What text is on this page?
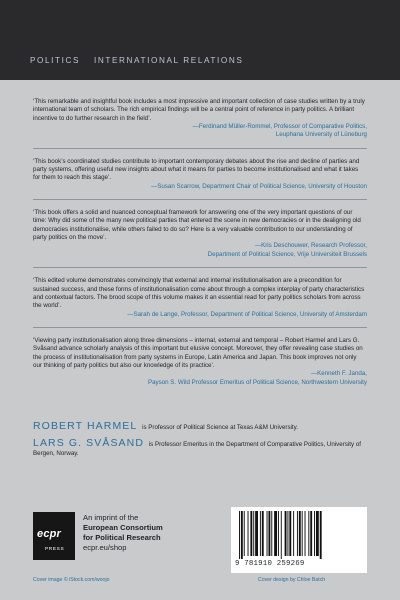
POLITICS INTERNATIONAL RELATIONS
‘This remarkable and insightful book includes a most impressive and important collection of case studies written by a truly international team of scholars. The rich empirical findings will be a central point of reference in party politics. A brilliant incentive to do further research in the field’.
—Ferdinand Müller-Rommel, Professor of Comparative Politics,
Leuphana University of Lüneburg
‘This book’s coordinated studies contribute to important contemporary debates about the rise and decline of parties and party systems, offering useful new insights about what it means for parties to become institutionalised and what it takes for them to reach this stage’.
—Susan Scarrow, Department Chair of Political Science, University of Houston
‘This book offers a solid and nuanced conceptual framework for answering one of the very important questions of our time: Why did some of the many new political parties that entered the scene in new democracies or in the dealigning old democracies institutionalise, while others failed to do so? Here is a very valuable contribution to our understanding of party politics on the move’.
—Kris Deschouwer, Research Professor,
Department of Political Science, Vrije Universiteit Brussels
‘This edited volume demonstrates convincingly that external and internal institutionalisation are a precondition for sustained success, and these forms of institutionalisation come about through a complex interplay of party characteristics and contextual factors. The brood scope of this volume makes it an essential read for party politics scholars from across the world’.
—Sarah de Lange, Professor, Department of Political Science, University of Amsterdam
‘Viewing party institutionalisation along three dimensions – internal, external and temporal – Robert Harmel and Lars G. Svåsand advance scholarly analysis of this important but elusive concept. Moreover, they offer revealing case studies on the process of institutionalisation from party systems in Europe, Latin America and Japan. This book improves not only our thinking of party politics but also our knowledge of its practice’.
—Kenneth F. Janda,
Payson S. Wild Professor Emeritus of Political Science, Northwestern University
ROBERT HARMEL is Professor of Political Science at Texas A&M University.
LARS G. SVÅSAND is Professor Emeritus in the Department of Comparative Politics, University of Bergen, Norway.
ecpr
PRESS
An imprint of the
European Consortium
for Political Research
ecpr.eu/shop
Cover image © iStock.com/woojo	Cover design by Chloe Batch
9 781910 259269
